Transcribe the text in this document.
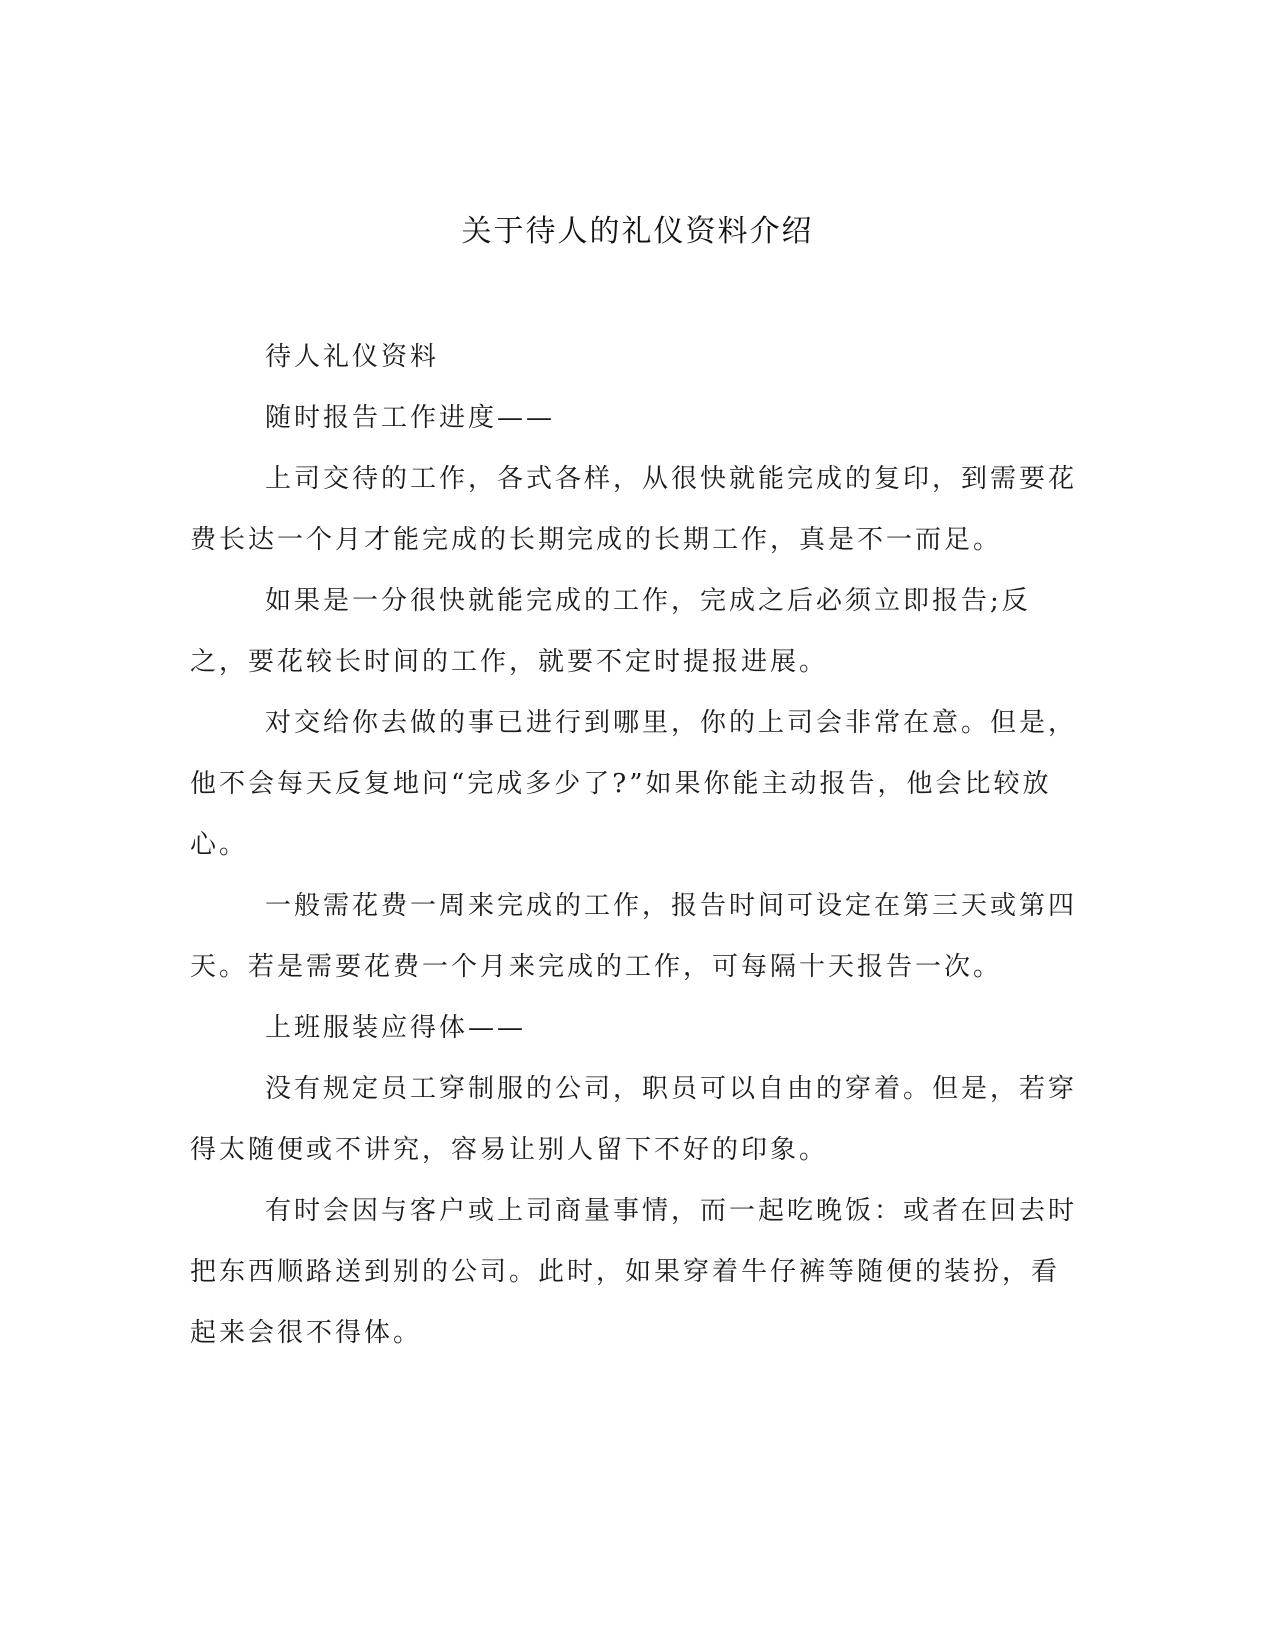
关于待人的礼仪资料介绍

待人礼仪资料

随时报告工作进度——

上司交待的工作，各式各样，从很快就能完成的复印，到需要花费长达一个月才能完成的长期完成的长期工作，真是不一而足。

如果是一分很快就能完成的工作，完成之后必须立即报告;反之，要花较长时间的工作，就要不定时提报进展。

对交给你去做的事已进行到哪里，你的上司会非常在意。但是，他不会每天反复地问“完成多少了?”如果你能主动报告，他会比较放心。

一般需花费一周来完成的工作，报告时间可设定在第三天或第四天。若是需要花费一个月来完成的工作，可每隔十天报告一次。

上班服装应得体——

没有规定员工穿制服的公司，职员可以自由的穿着。但是，若穿得太随便或不讲究，容易让别人留下不好的印象。

有时会因与客户或上司商量事情，而一起吃晚饭：或者在回去时把东西顺路送到别的公司。此时，如果穿着牛仔裤等随便的装扮，看起来会很不得体。
